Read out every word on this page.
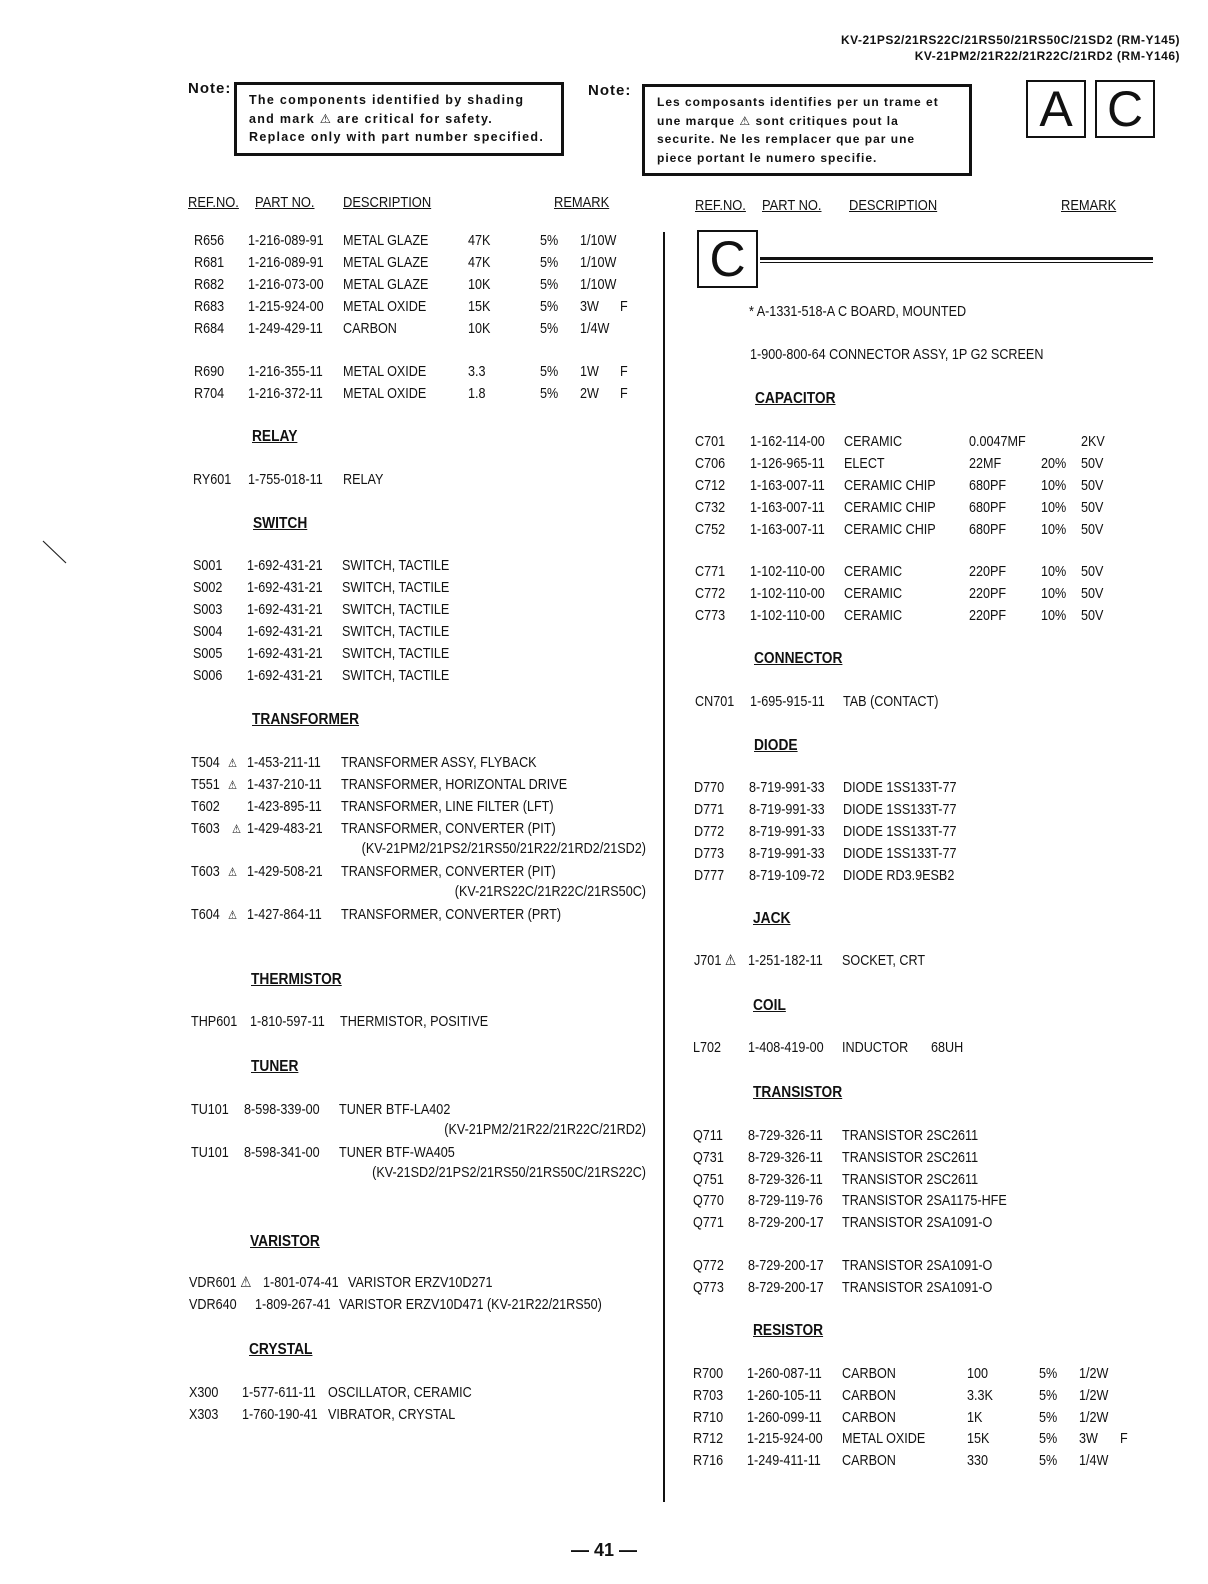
KV-21PS2/21RS22C/21RS50/21RS50C/21SD2 (RM-Y145)
KV-21PM2/21R22/21R22C/21RD2 (RM-Y146)
Note:
The components identified by shading
and mark ⚠ are critical for safety.
Replace only with part number specified.
Note:
Les composants identifies per un trame et
une marque ⚠ sont critiques pout la
securite. Ne les remplacer que par une
piece portant le numero specifie.
A C
REF.NO. PART NO. DESCRIPTION	REMARK	REF.NO. PART NO. DESCRIPTION	REMARK
R656 1-216-089-91 METAL GLAZE	47K	5% 1/10W
R681 1-216-089-91 METAL GLAZE	47K	5% 1/10W
R682 1-216-073-00 METAL GLAZE	10K	5% 1/10W
R683 1-215-924-00 METAL OXIDE	15K	5% 3W F
R684 1-249-429-11 CARBON	10K	5% 1/4W
R690 1-216-355-11 METAL OXIDE	3.3	5% 1W F
R704 1-216-372-11 METAL OXIDE	1.8	5% 2W F
RELAY
RY601 1-755-018-11 RELAY
SWITCH
S001 1-692-431-21 SWITCH, TACTILE
S002 1-692-431-21 SWITCH, TACTILE
S003 1-692-431-21 SWITCH, TACTILE
S004 1-692-431-21 SWITCH, TACTILE
S005 1-692-431-21 SWITCH, TACTILE
S006 1-692-431-21 SWITCH, TACTILE
TRANSFORMER
T504 ⚠ 1-453-211-11 TRANSFORMER ASSY, FLYBACK
T551 ⚠ 1-437-210-11 TRANSFORMER, HORIZONTAL DRIVE
T602 1-423-895-11 TRANSFORMER, LINE FILTER (LFT)
T603 ⚠ 1-429-483-21 TRANSFORMER, CONVERTER (PIT)
(KV-21PM2/21PS2/21RS50/21R22/21RD2/21SD2)
T603 ⚠ 1-429-508-21 TRANSFORMER, CONVERTER (PIT)
(KV-21RS22C/21R22C/21RS50C)
T604 ⚠ 1-427-864-11 TRANSFORMER, CONVERTER (PRT)
THERMISTOR
THP601 1-810-597-11 THERMISTOR, POSITIVE
TUNER
TU101 8-598-339-00 TUNER BTF-LA402
(KV-21PM2/21R22/21R22C/21RD2)
TU101 8-598-341-00 TUNER BTF-WA405
(KV-21SD2/21PS2/21RS50/21RS50C/21RS22C)
VARISTOR
VDR601 ⚠ 1-801-074-41 VARISTOR ERZV10D271
VDR640 1-809-267-41 VARISTOR ERZV10D471 (KV-21R22/21RS50)
CRYSTAL
X300 1-577-611-11 OSCILLATOR, CERAMIC
X303 1-760-190-41 VIBRATOR, CRYSTAL
C
* A-1331-518-A C BOARD, MOUNTED
1-900-800-64 CONNECTOR ASSY, 1P G2 SCREEN
CAPACITOR
C701 1-162-114-00 CERAMIC	0.0047MF	2KV
C706 1-126-965-11 ELECT	22MF	20% 50V
C712 1-163-007-11 CERAMIC CHIP 680PF 10% 50V
C732 1-163-007-11 CERAMIC CHIP 680PF 10% 50V
C752 1-163-007-11 CERAMIC CHIP 680PF 10% 50V
C771 1-102-110-00 CERAMIC	220PF 10% 50V
C772 1-102-110-00 CERAMIC	220PF 10% 50V
C773 1-102-110-00 CERAMIC	220PF 10% 50V
CONNECTOR
CN701 1-695-915-11 TAB (CONTACT)
DIODE
D770 8-719-991-33 DIODE 1SS133T-77
D771 8-719-991-33 DIODE 1SS133T-77
D772 8-719-991-33 DIODE 1SS133T-77
D773 8-719-991-33 DIODE 1SS133T-77
D777 8-719-109-72 DIODE RD3.9ESB2
JACK
J701 ⚠ 1-251-182-11 SOCKET, CRT
COIL
L702 1-408-419-00 INDUCTOR 68UH
TRANSISTOR
Q711 8-729-326-11 TRANSISTOR 2SC2611
Q731 8-729-326-11 TRANSISTOR 2SC2611
Q751 8-729-326-11 TRANSISTOR 2SC2611
Q770 8-729-119-76 TRANSISTOR 2SA1175-HFE
Q771 8-729-200-17 TRANSISTOR 2SA1091-O
Q772 8-729-200-17 TRANSISTOR 2SA1091-O
Q773 8-729-200-17 TRANSISTOR 2SA1091-O
RESISTOR
R700 1-260-087-11 CARBON	100	5% 1/2W
R703 1-260-105-11 CARBON	3.3K	5% 1/2W
R710 1-260-099-11 CARBON	1K	5% 1/2W
R712 1-215-924-00 METAL OXIDE	15K	5% 3W F
R716 1-249-411-11 CARBON	330	5% 1/4W
— 41 —
